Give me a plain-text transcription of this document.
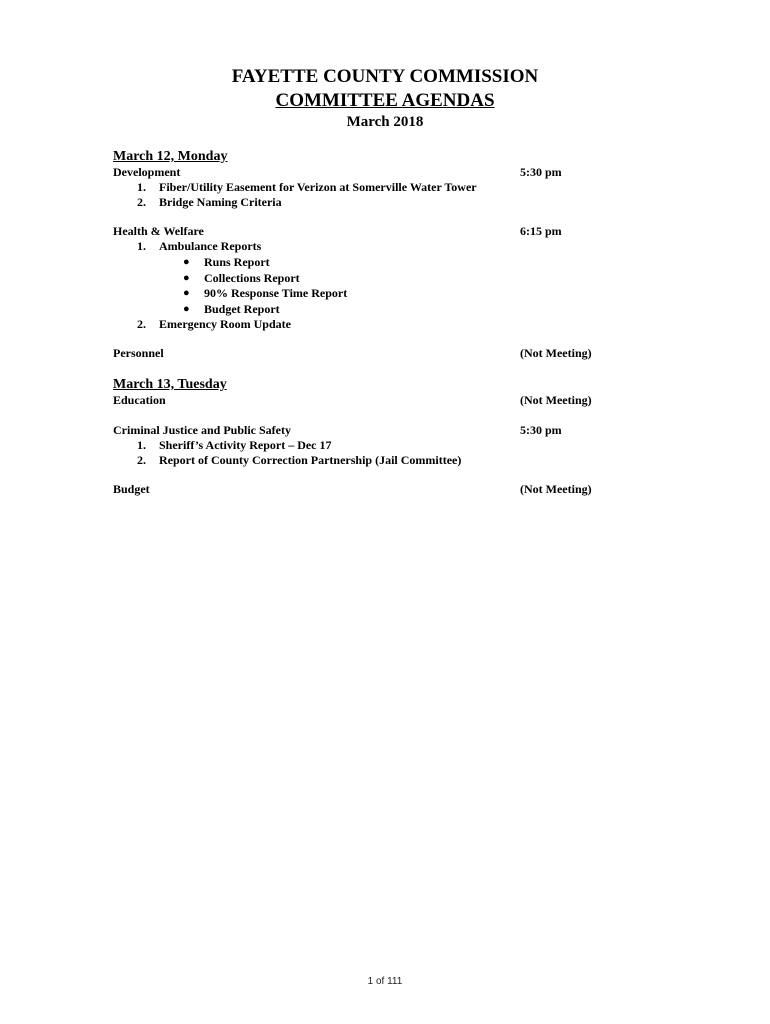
FAYETTE COUNTY COMMISSION
COMMITTEE AGENDAS
March 2018
March 12, Monday
Development	5:30 pm
1. Fiber/Utility Easement for Verizon at Somerville Water Tower
2. Bridge Naming Criteria
Health & Welfare	6:15 pm
1. Ambulance Reports
● Runs Report
● Collections Report
● 90% Response Time Report
● Budget Report
2. Emergency Room Update
Personnel	(Not Meeting)
March 13, Tuesday
Education	(Not Meeting)
Criminal Justice and Public Safety	5:30 pm
1. Sheriff’s Activity Report – Dec 17
2. Report of County Correction Partnership (Jail Committee)
Budget	(Not Meeting)
1 of 111
